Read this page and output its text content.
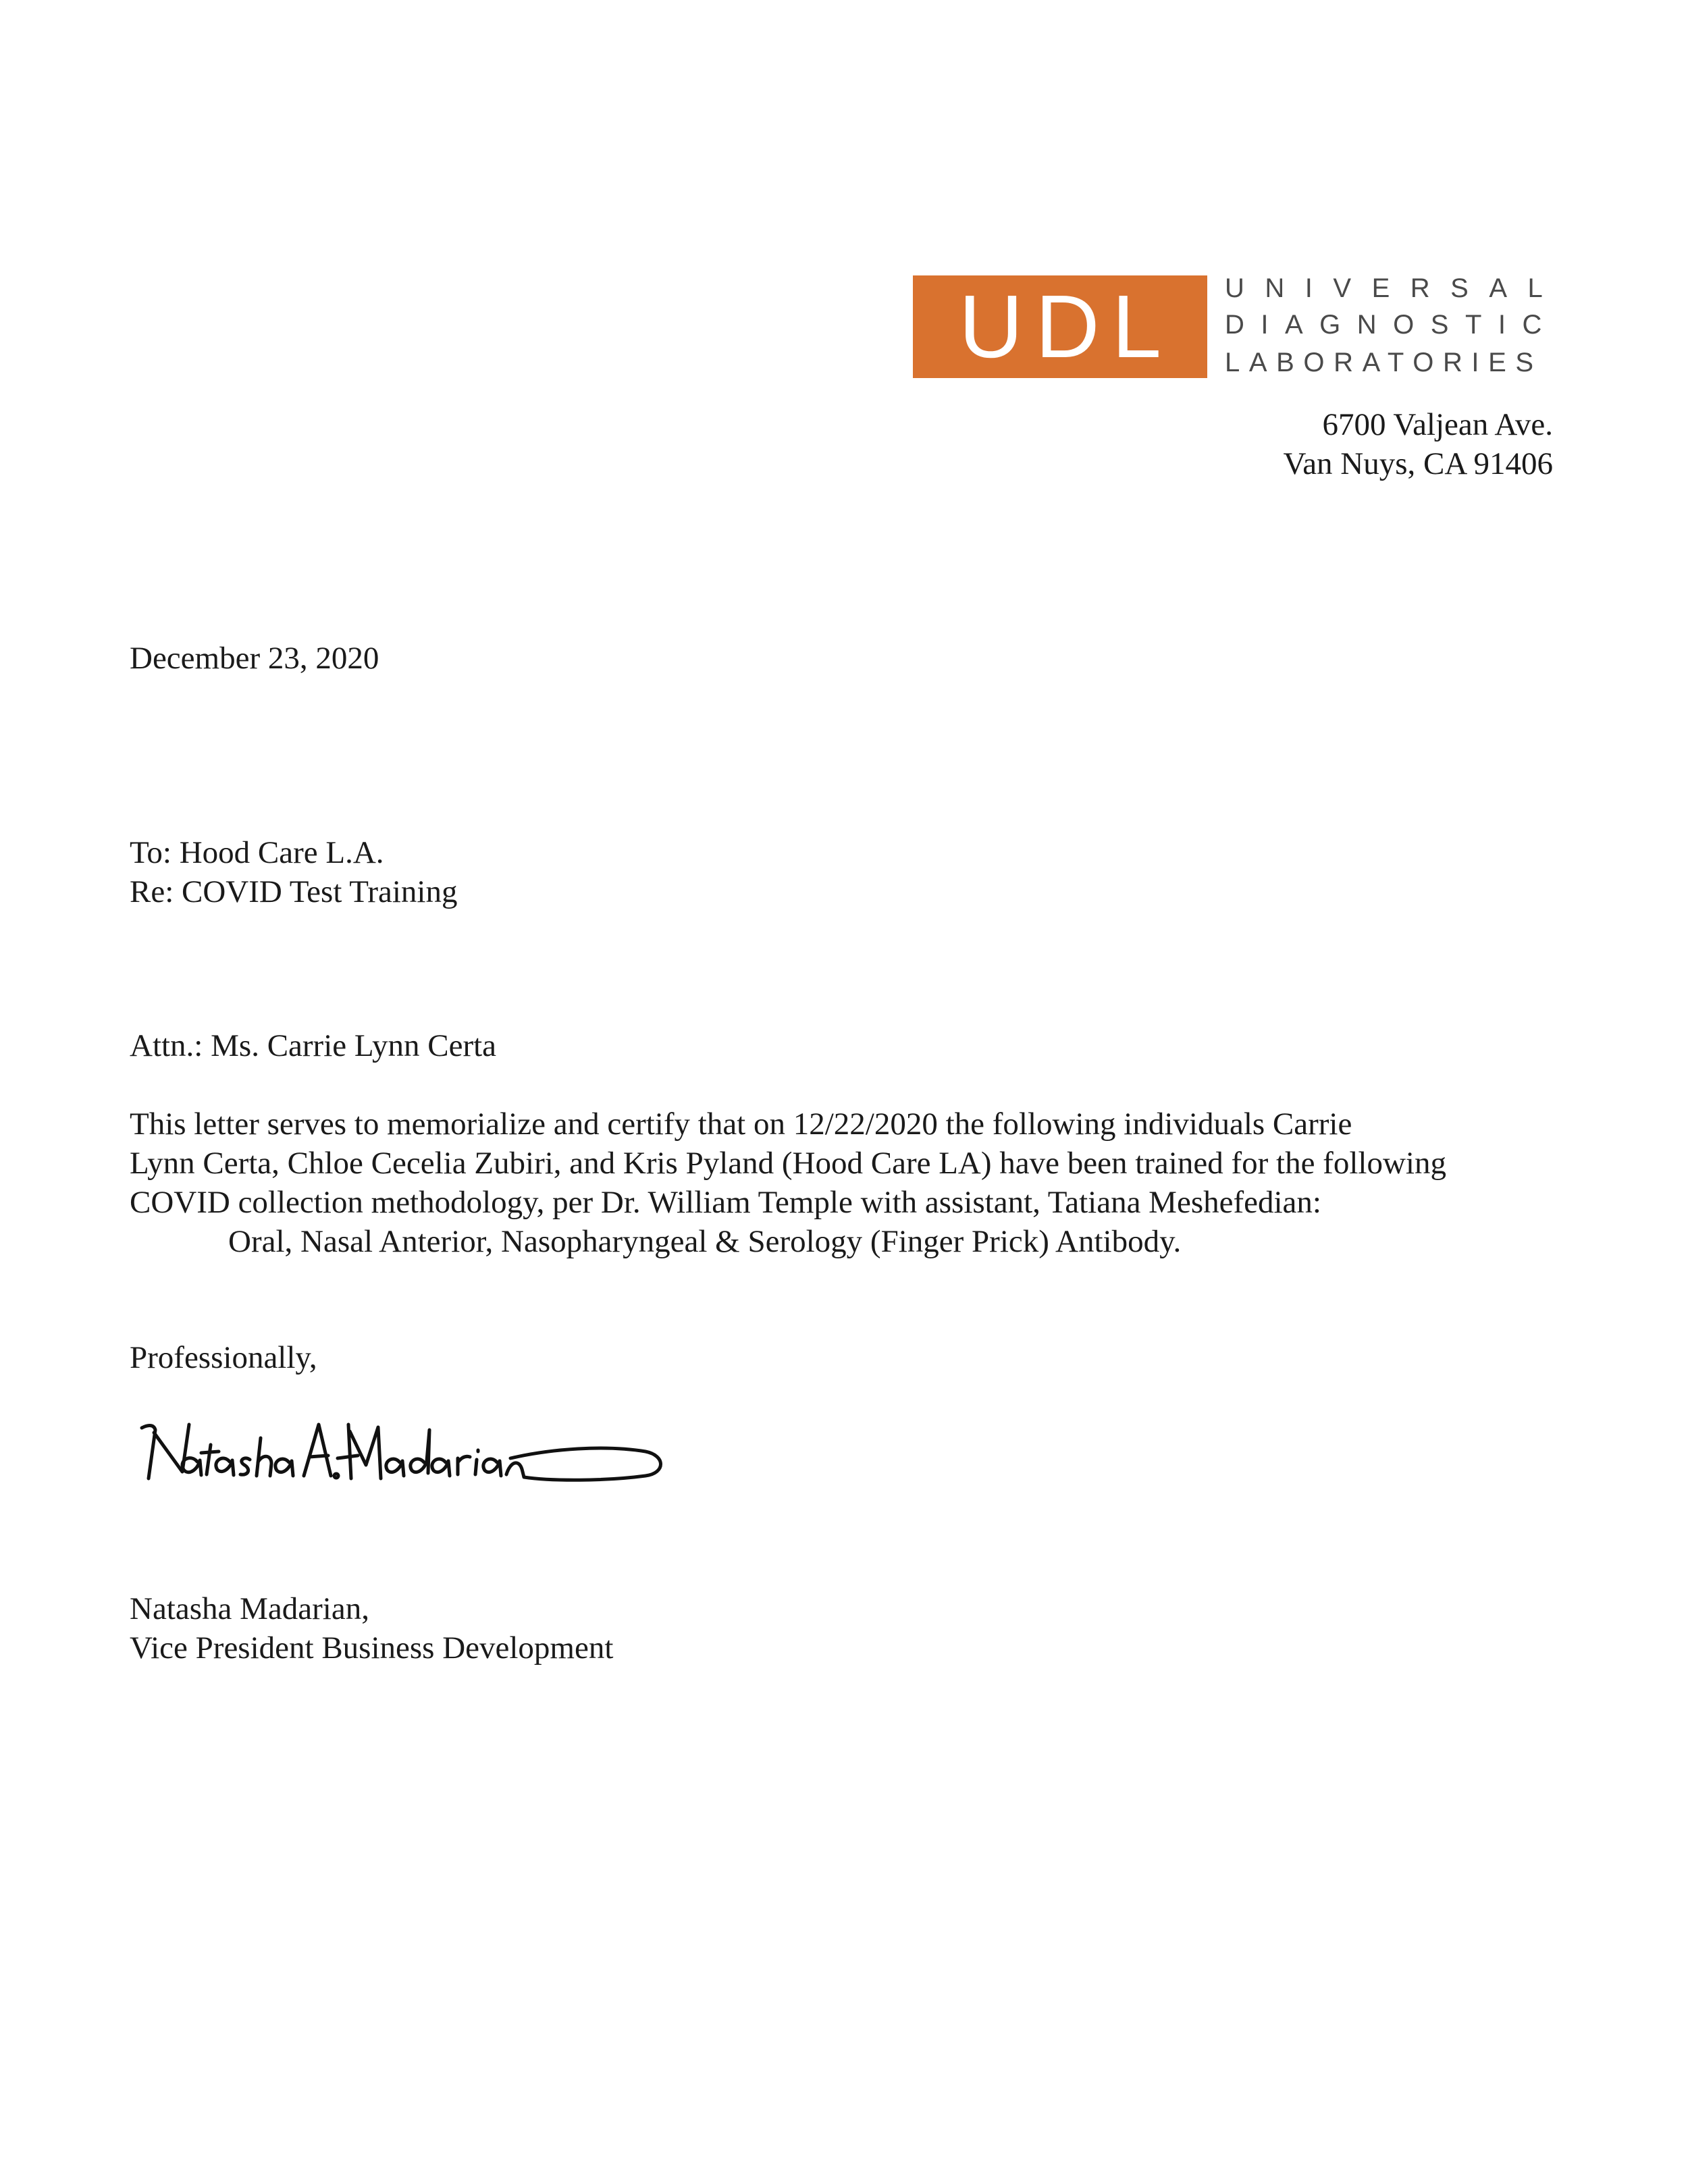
UDL	UNIVERSAL
DIAGNOSTIC
LABORATORIES
6700 Valjean Ave.
Van Nuys, CA 91406
December 23, 2020
To: Hood Care L.A.
Re: COVID Test Training
Attn.: Ms. Carrie Lynn Certa
This letter serves to memorialize and certify that on 12/22/2020 the following individuals Carrie
Lynn Certa, Chloe Cecelia Zubiri, and Kris Pyland (Hood Care LA) have been trained for the following
COVID collection methodology, per Dr. William Temple with assistant, Tatiana Meshefedian:
Oral, Nasal Anterior, Nasopharyngeal & Serology (Finger Prick) Antibody.
Professionally,
Natasha Madarian,
Vice President Business Development
